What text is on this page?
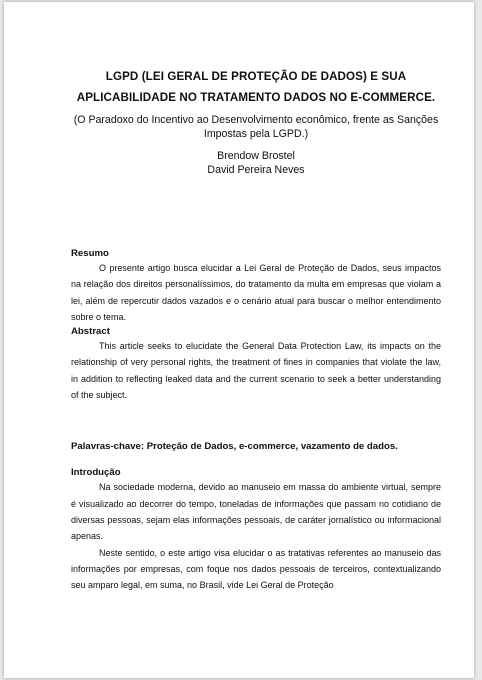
LGPD (LEI GERAL DE PROTEÇÃO DE DADOS) E SUA APLICABILIDADE NO TRATAMENTO DADOS NO E-COMMERCE.

(O Paradoxo do Incentivo ao Desenvolvimento econômico, frente as Sanções Impostas pela LGPD.)

Brendow Brostel
David Pereira Neves
Resumo

O presente artigo busca elucidar a Lei Geral de Proteção de Dados, seus impactos na relação dos direitos personalíssimos, do tratamento da multa em empresas que violam a lei, além de repercutir dados vazados e o cenário atual para buscar o melhor entendimento sobre o tema.

Abstract

This article seeks to elucidate the General Data Protection Law, its impacts on the relationship of very personal rights, the treatment of fines in companies that violate the law, in addition to reflecting leaked data and the current scenario to seek a better understanding of the subject.

Palavras-chave: Proteção de Dados, e-commerce, vazamento de dados.
Introdução

Na sociedade moderna, devido ao manuseio em massa do ambiente virtual, sempre é visualizado ao decorrer do tempo, toneladas de informações que passam no cotidiano de diversas pessoas, sejam elas informações pessoais, de caráter jornalístico ou informacional apenas.

Neste sentido, o este artigo visa elucidar o as tratativas referentes ao manuseio das informações por empresas, com foque nos dados pessoais de terceiros, contextualizando seu amparo legal, em suma, no Brasil, vide Lei Geral de Proteção
